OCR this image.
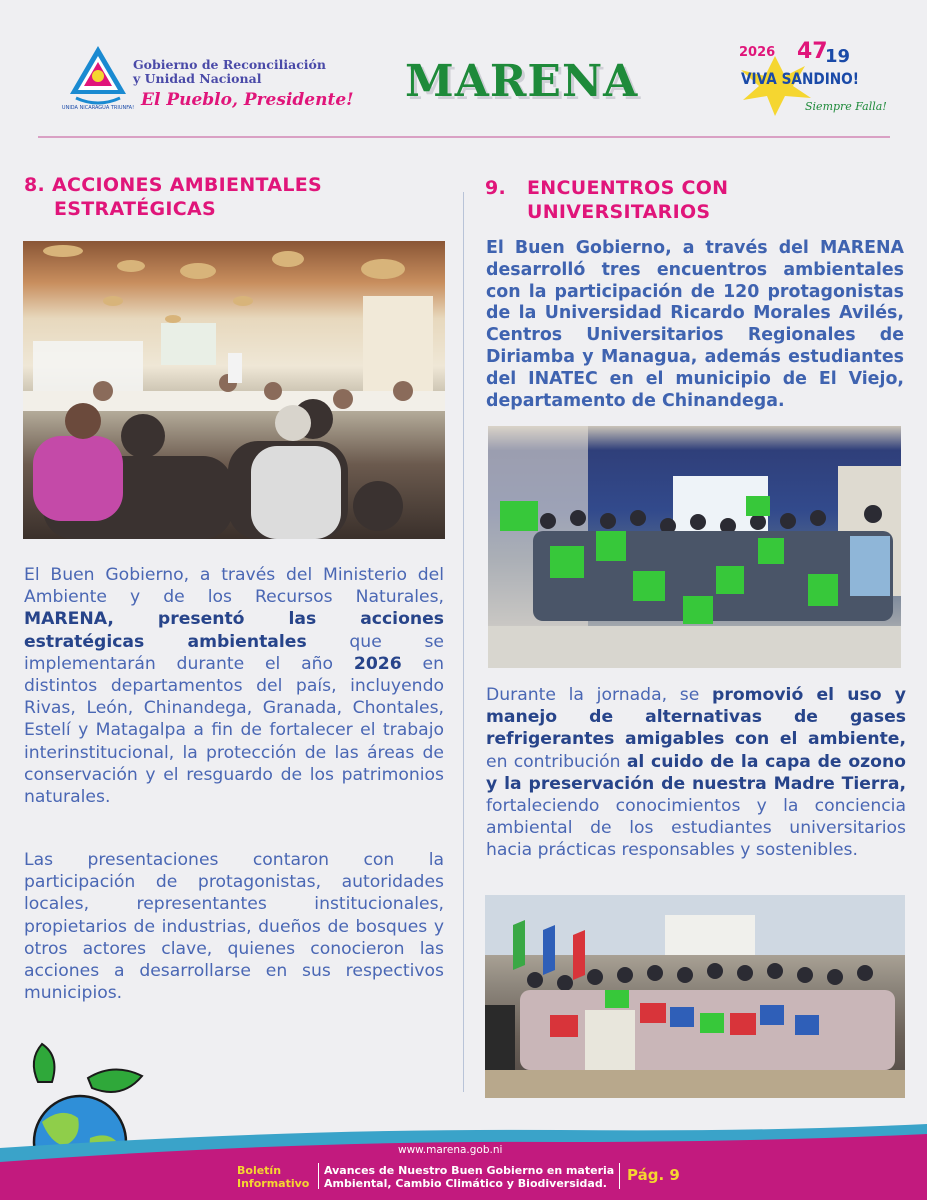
UNIDA NICARAGUA TRIUNFA!
Gobierno de Reconciliación
y Unidad Nacional
El Pueblo, Presidente! MARENA
2026 47
19
VIVA SANDINO!
Siempre Falla!
8. ACCIONES AMBIENTALES
ESTRATÉGICAS
El Buen Gobierno, a través del Ministerio del Ambiente y de los Recursos Naturales, MARENA, presentó las acciones estratégicas ambientales que se implementarán durante el año 2026 en distintos departamentos del país, incluyendo Rivas, León, Chinandega, Granada, Chontales, Estelí y Matagalpa a fin de fortalecer el trabajo interinstitucional, la protección de las áreas de conservación y el resguardo de los patrimonios naturales.
Las presentaciones contaron con la participación de protagonistas, autoridades locales, representantes institucionales, propietarios de industrias, dueños de bosques y otros actores clave, quienes conocieron las acciones a desarrollarse en sus respectivos municipios.
9. ENCUENTROS CON
UNIVERSITARIOS
El Buen Gobierno, a través del MARENA desarrolló tres encuentros ambientales con la participación de 120 protagonistas de la Universidad Ricardo Morales Avilés, Centros Universitarios Regionales de Diriamba y Managua, además estudiantes del INATEC en el municipio de El Viejo, departamento de Chinandega.
Durante la jornada, se promovió el uso y manejo de alternativas de gases refrigerantes amigables con el ambiente, en contribución al cuido de la capa de ozono y la preservación de nuestra Madre Tierra, fortaleciendo conocimientos y la conciencia ambiental de los estudiantes universitarios hacia prácticas responsables y sostenibles.
www.marena.gob.ni
Boletín
Informativo
Avances de Nuestro Buen Gobierno en materia
Ambiental, Cambio Climático y Biodiversidad.	Pág. 9
